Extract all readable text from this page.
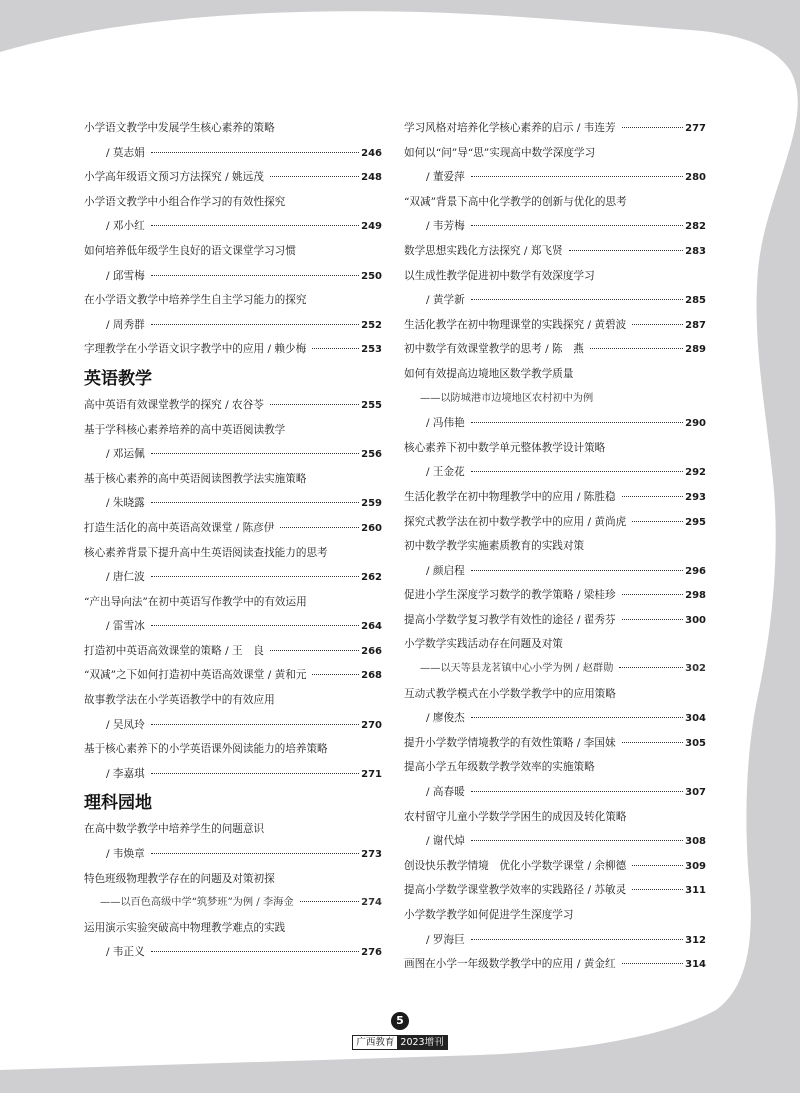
小学语文教学中发展学生核心素养的策略
/ 莫志娟	246
小学高年级语文预习方法探究 / 姚远茂	248
小学语文教学中小组合作学习的有效性探究
/ 邓小红	249
如何培养低年级学生良好的语文课堂学习习惯
/ 邱雪梅	250
在小学语文教学中培养学生自主学习能力的探究
/ 周秀群	252
字理教学在小学语文识字教学中的应用 / 赖少梅	253
英语教学
高中英语有效课堂教学的探究 / 农谷苓	255
基于学科核心素养培养的高中英语阅读教学
/ 邓运佩	256
基于核心素养的高中英语阅读图教学法实施策略
/ 朱晓露	259
打造生活化的高中英语高效课堂 / 陈彦伊	260
核心素养背景下提升高中生英语阅读查找能力的思考
/ 唐仁波	262
“产出导向法”在初中英语写作教学中的有效运用
/ 雷雪冰	264
打造初中英语高效课堂的策略 / 王　良	266
“双减”之下如何打造初中英语高效课堂 / 黄和元	268
故事教学法在小学英语教学中的有效应用
/ 吴凤玲	270
基于核心素养下的小学英语课外阅读能力的培养策略
/ 李嘉琪	271
理科园地
在高中数学教学中培养学生的问题意识
/ 韦焕章	273
特色班级物理教学存在的问题及对策初探
——以百色高级中学“筑梦班”为例 / 李海金	274
运用演示实验突破高中物理教学难点的实践
/ 韦正义	276
学习风格对培养化学核心素养的启示 / 韦连芳	277
如何以“问”导“思”实现高中数学深度学习
/ 董爱萍	280
“双减”背景下高中化学教学的创新与优化的思考
/ 韦芳梅	282
数学思想实践化方法探究 / 郑飞贤	283
以生成性教学促进初中数学有效深度学习
/ 黄学新	285
生活化教学在初中物理课堂的实践探究 / 黄碧波	287
初中数学有效课堂教学的思考 / 陈　燕	289
如何有效提高边境地区数学教学质量
——以防城港市边境地区农村初中为例
/ 冯伟艳	290
核心素养下初中数学单元整体教学设计策略
/ 王金花	292
生活化教学在初中物理教学中的应用 / 陈胜稳	293
探究式教学法在初中数学教学中的应用 / 黄尚虎	295
初中数学教学实施素质教育的实践对策
/ 颜启程	296
促进小学生深度学习数学的教学策略 / 梁桂珍	298
提高小学数学复习教学有效性的途径 / 翟秀芬	300
小学数学实践活动存在问题及对策
——以天等县龙茗镇中心小学为例 / 赵群勋	302
互动式教学模式在小学数学教学中的应用策略
/ 廖俊杰	304
提升小学数学情境教学的有效性策略 / 李国妹	305
提高小学五年级数学教学效率的实施策略
/ 高春暖	307
农村留守儿童小学数学学困生的成因及转化策略
/ 谢代焯	308
创设快乐教学情境　优化小学数学课堂 / 余柳德	309
提高小学数学课堂教学效率的实践路径 / 苏敏灵	311
小学数学教学如何促进学生深度学习
/ 罗海巨	312
画图在小学一年级数学教学中的应用 / 黄金红	314
5
广西教育 2023增刊
